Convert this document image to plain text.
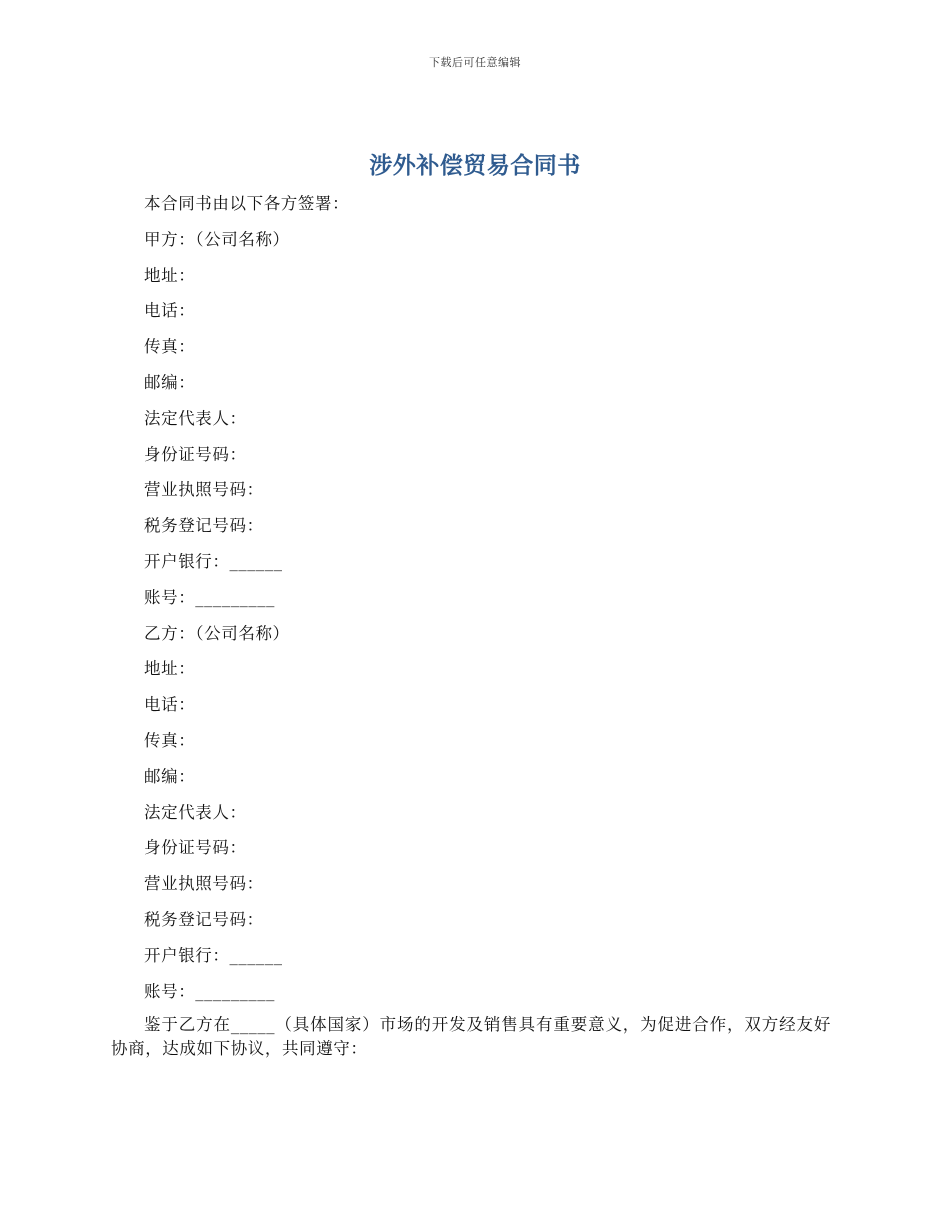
下载后可任意编辑
涉外补偿贸易合同书
本合同书由以下各方签署：
甲方：（公司名称）
地址：
电话：
传真：
邮编：
法定代表人：
身份证号码：
营业执照号码：
税务登记号码：
开户银行：______
账号：_________
乙方：（公司名称）
地址：
电话：
传真：
邮编：
法定代表人：
身份证号码：
营业执照号码：
税务登记号码：
开户银行：______
账号：_________
鉴于乙方在_____（具体国家）市场的开发及销售具有重要意义，为促进合作，双方经友好协商，达成如下协议，共同遵守：
